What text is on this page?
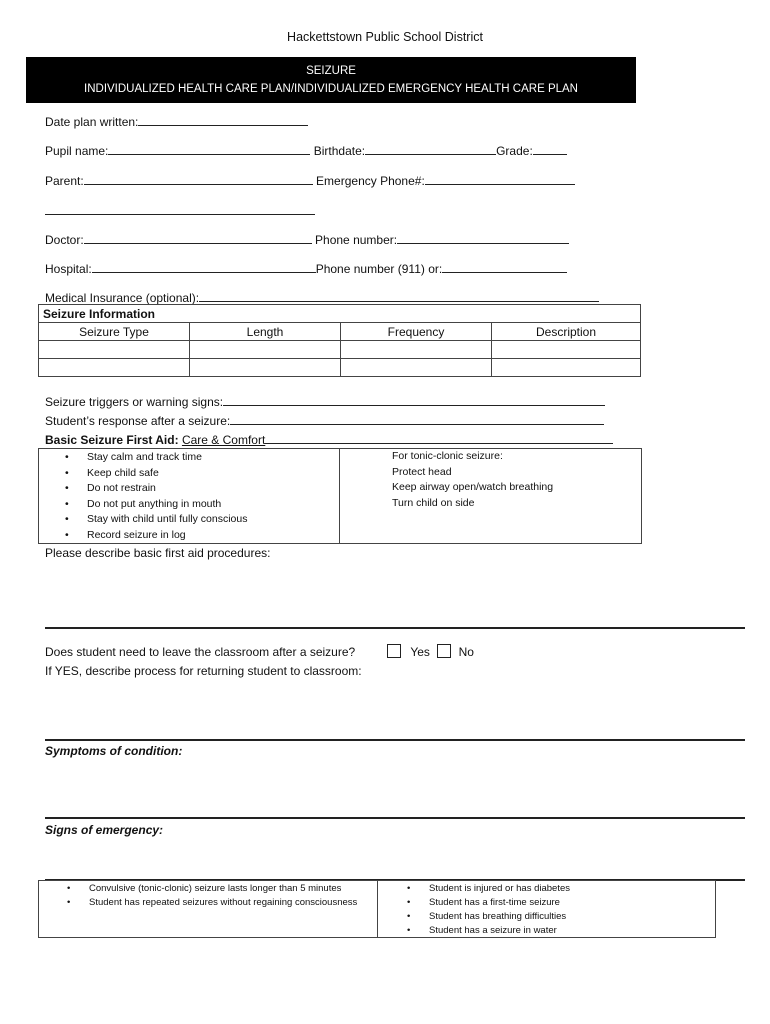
Hackettstown Public School District
SEIZURE
INDIVIDUALIZED HEALTH CARE PLAN/INDIVIDUALIZED EMERGENCY HEALTH CARE PLAN
Date plan written:
Pupil name:	Birthdate:	Grade:
Parent:	Emergency Phone#:
Doctor:	Phone number:
Hospital:	Phone number (911) or:
Medical Insurance (optional):
Seizure Information			
Seizure Type	Length	Frequency	Description

Seizure triggers or warning signs:
Student’s response after a seizure:
Basic Seizure First Aid: Care & Comfort
• Stay calm and track time
• Keep child safe
• Do not restrain
• Do not put anything in mouth
• Stay with child until fully conscious
• Record seizure in log
For tonic-clonic seizure:
Protect head
Keep airway open/watch breathing
Turn child on side
Please describe basic first aid procedures:
Does student need to leave the classroom after a seizure?	Yes No
If YES, describe process for returning student to classroom:
Symptoms of condition:
Signs of emergency:
• Convulsive (tonic-clonic) seizure lasts longer than 5 minutes
• Student has repeated seizures without regaining consciousness
• Student is injured or has diabetes
• Student has a first-time seizure
• Student has breathing difficulties
• Student has a seizure in water
